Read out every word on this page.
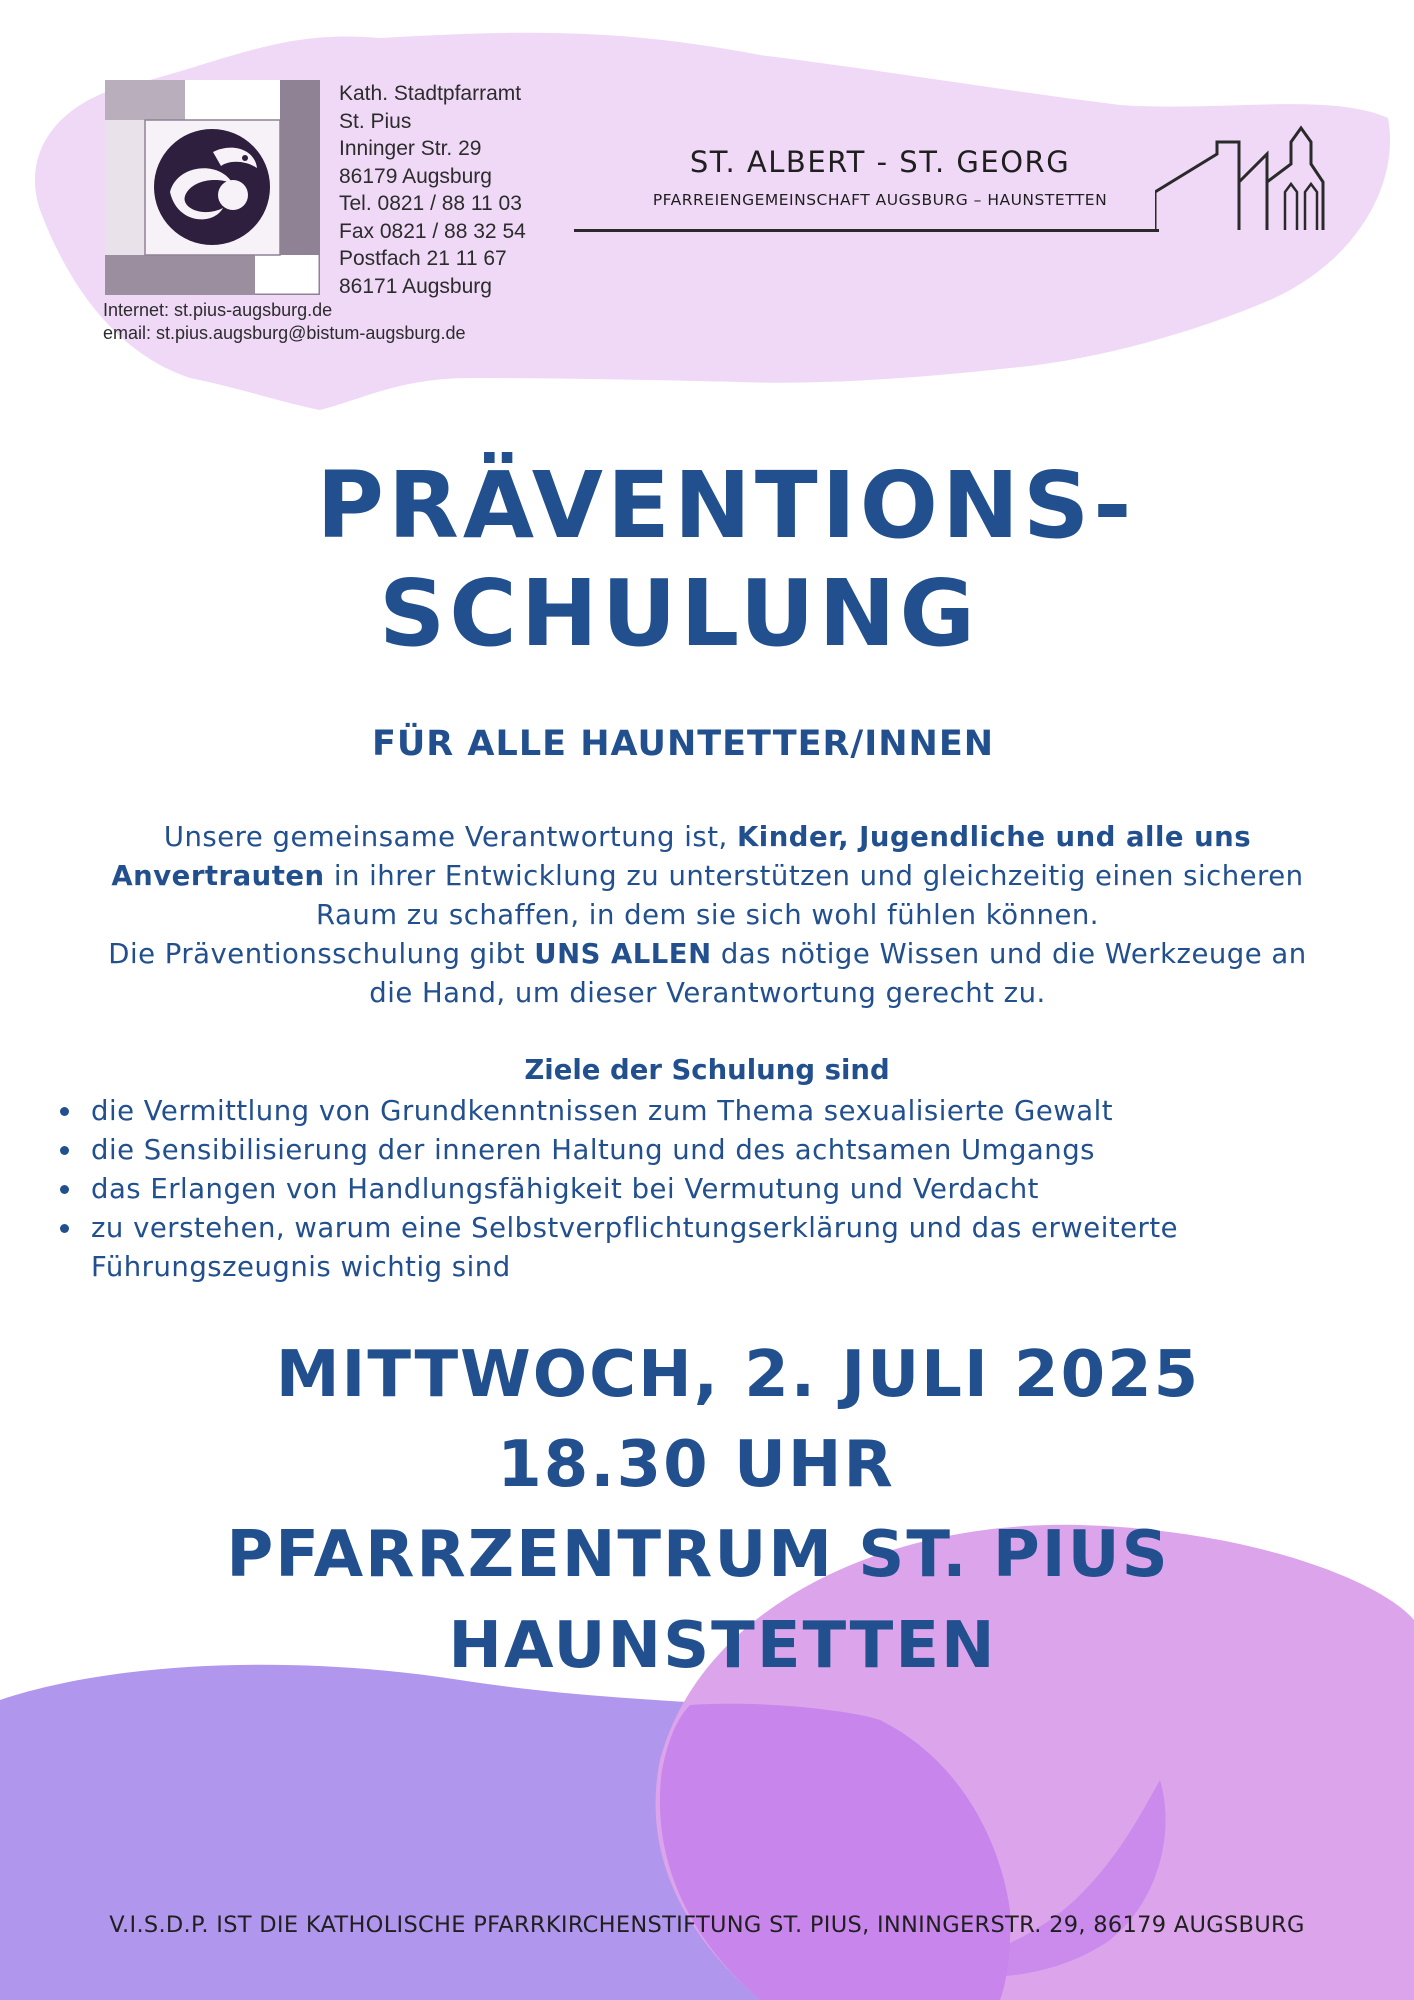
Kath. Stadtpfarramt
St. Pius
Inninger Str. 29
86179 Augsburg
Tel. 0821 / 88 11 03
Fax 0821 / 88 32 54
Postfach 21 11 67
86171 Augsburg
Internet: st.pius-augsburg.de
email: st.pius.augsburg@bistum-augsburg.de
ST. ALBERT - ST. GEORG
PFARREIENGEMEINSCHAFT AUGSBURG – HAUNSTETTEN
PRÄVENTIONS-
SCHULUNG
FÜR ALLE HAUNTETTER/INNEN
Unsere gemeinsame Verantwortung ist, Kinder, Jugendliche und alle uns
Anvertrauten in ihrer Entwicklung zu unterstützen und gleichzeitig einen sicheren
Raum zu schaffen, in dem sie sich wohl fühlen können.
Die Präventionsschulung gibt UNS ALLEN das nötige Wissen und die Werkzeuge an
die Hand, um dieser Verantwortung gerecht zu.
Ziele der Schulung sind
die Vermittlung von Grundkenntnissen zum Thema sexualisierte Gewalt
die Sensibilisierung der inneren Haltung und des achtsamen Umgangs
das Erlangen von Handlungsfähigkeit bei Vermutung und Verdacht
zu verstehen, warum eine Selbstverpflichtungserklärung und das erweiterte
Führungszeugnis wichtig sind
MITTWOCH, 2. JULI 2025
18.30 UHR
PFARRZENTRUM ST. PIUS
HAUNSTETTEN
V.I.S.D.P. IST DIE KATHOLISCHE PFARRKIRCHENSTIFTUNG ST. PIUS, INNINGERSTR. 29, 86179 AUGSBURG
